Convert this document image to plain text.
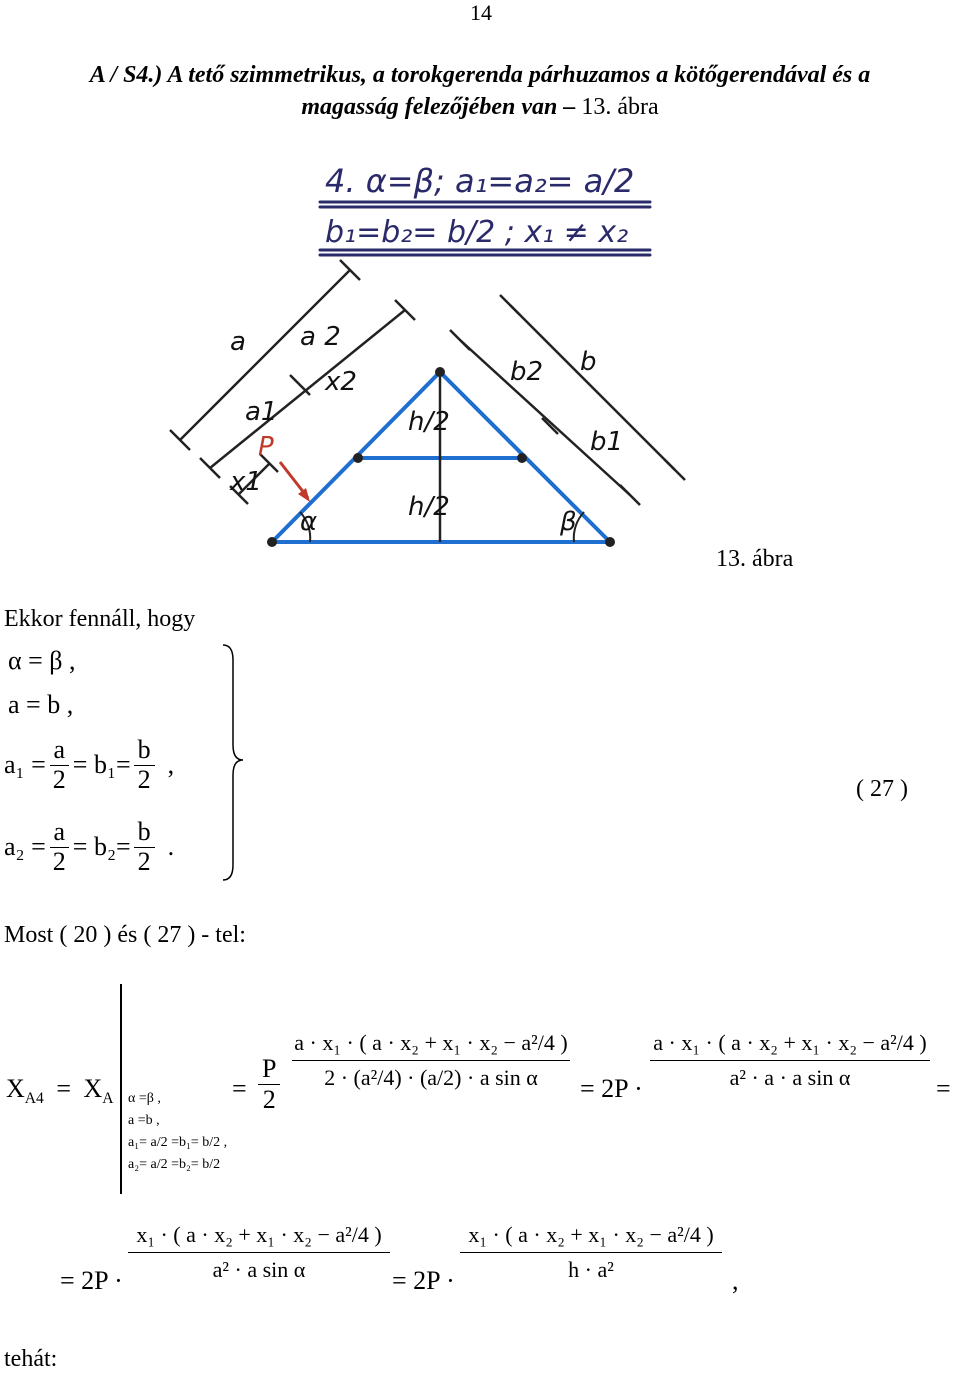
14
A / S4.) A tető szimmetrikus, a torokgerenda párhuzamos a kötőgerendával és a
magasság felezőjében van – 13. ábra
4. α=β; a₁=a₂= a/2
b₁=b₂= b/2 ; x₁ ≠ x₂
a a 2
x2
a1
P
x1
h/2
h/2
b
b2
b1
α	β
13. ábra
Ekkor fennáll, hogy
α = β ,
a = b ,
$a_1 = \frac{a}{2} = b_1= \frac{b}{2}$ ,
$a_2 = \frac{a}{2} = b_2= \frac{b}{2}$ .
( 27 )
Most ( 20 ) és ( 27 ) - tel:
$X_{A4} = X_A$ α =β ,
a =b ,
a₁= a/2 =b₁= b/2 ,
a₂= a/2 =b₂= b/2
=
P
2
a · x₁ · ( a · x₂ + x₁ · x₂ − a²/4 )
2 · (a²/4) · (a/2) · a sin α	= 2P ·
a · x₁ · ( a · x₂ + x₁ · x₂ − a²/4 )
a² · a · a sin α	=
= 2P ·
x₁ · ( a · x₂ + x₁ · x₂ − a²/4 )
a² · a sin α	= 2P ·
x₁ · ( a · x₂ + x₁ · x₂ − a²/4 )
h · a²	,
tehát:
